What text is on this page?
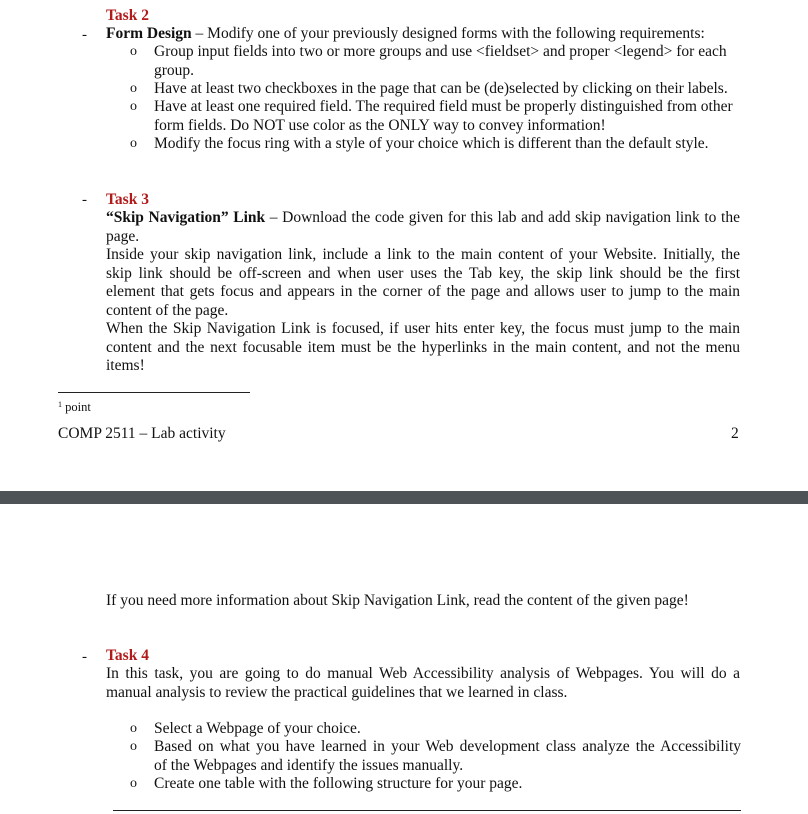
-
Task 2
Form Design – Modify one of your previously designed forms with the following requirements:
o Group input fields into two or more groups and use <fieldset> and proper <legend> for each
group.
o Have at least two checkboxes in the page that can be (de)selected by clicking on their labels.
o Have at least one required field. The required field must be properly distinguished from other
form fields. Do NOT use color as the ONLY way to convey information!
o Modify the focus ring with a style of your choice which is different than the default style.
- Task 3
“Skip Navigation” Link – Download the code given for this lab and add skip navigation link to the
page.
Inside your skip navigation link, include a link to the main content of your Website. Initially, the
skip link should be off-screen and when user uses the Tab key, the skip link should be the first
element that gets focus and appears in the corner of the page and allows user to jump to the main
content of the page.
When the Skip Navigation Link is focused, if user hits enter key, the focus must jump to the main
content and the next focusable item must be the hyperlinks in the main content, and not the menu
items!
$^1$ point
COMP 2511 – Lab activity	2
If you need more information about Skip Navigation Link, read the content of the given page!
- Task 4
In this task, you are going to do manual Web Accessibility analysis of Webpages. You will do a
manual analysis to review the practical guidelines that we learned in class.
o Select a Webpage of your choice.
o Based on what you have learned in your Web development class analyze the Accessibility
of the Webpages and identify the issues manually.
o Create one table with the following structure for your page.
